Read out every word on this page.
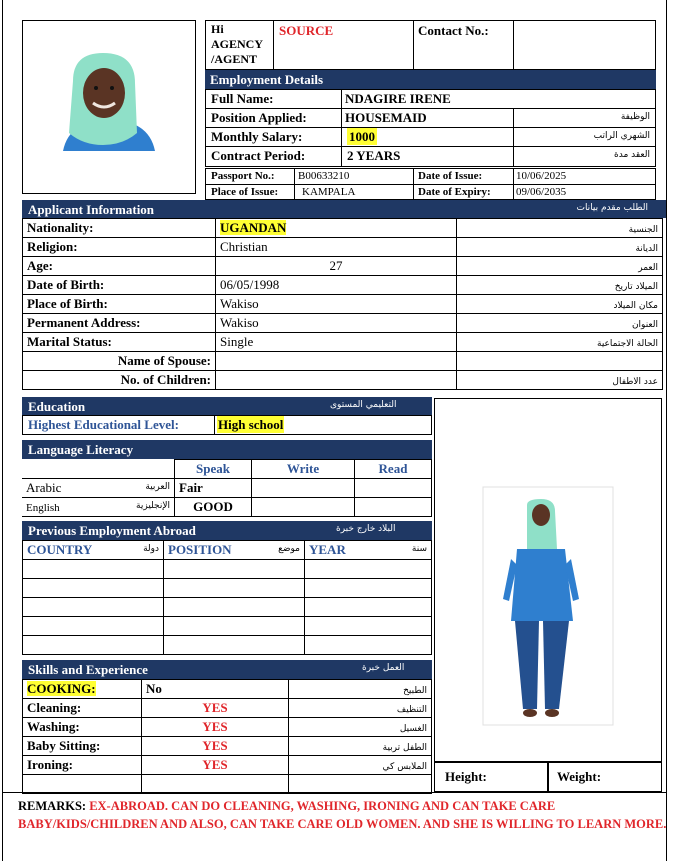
Hi
AGENCY
/AGENT
SOURCE	Contact No.:
Employment Details
Full Name:	NDAGIRE IRENE
Position Applied:	HOUSEMAID	الوظيفة
Monthly Salary:	1000	الشهري الراتب
Contract Period:	2 YEARS	العقد مدة
Passport No.: B00633210	Date of Issue:	10/06/2025
Place of Issue: KAMPALA	Date of Expiry: 09/06/2035
Applicant Information	الطلب مقدم بيانات
Nationality:	UGANDAN	الجنسية
Religion:	Christian	الديانة
Age:	27	العمر
Date of Birth:	06/05/1998	الميلاد تاريخ
Place of Birth:	Wakiso	مكان الميلاد
Permanent Address:	Wakiso	العنوان
Marital Status:	Single	الحالة الاجتماعية
Name of Spouse:		
No. of Children:		عدد الاطفال
Education	التعليمي المستوى
Highest Educational Level:	High school
Language Literacy
	Speak	Write	Read
Arabic العربية	Fair		
English الإنجليزية	GOOD		
Previous Employment Abroad	البلاد خارج خبرة
COUNTRY دولة	POSITION موضع	YEAR سنة

Skills and Experience	العمل خبرة
COOKING:	No	الطبيخ
Cleaning:	YES	التنظيف
Washing:	YES	الغسيل
Baby Sitting:	YES	الطفل تربية
Ironing:	YES	الملابس كي

Height:	Weight:
REMARKS: EX-ABROAD. CAN DO CLEANING, WASHING, IRONING AND CAN TAKE CARE
BABY/KIDS/CHILDREN AND ALSO, CAN TAKE CARE OLD WOMEN. AND SHE IS WILLING TO LEARN MORE.
